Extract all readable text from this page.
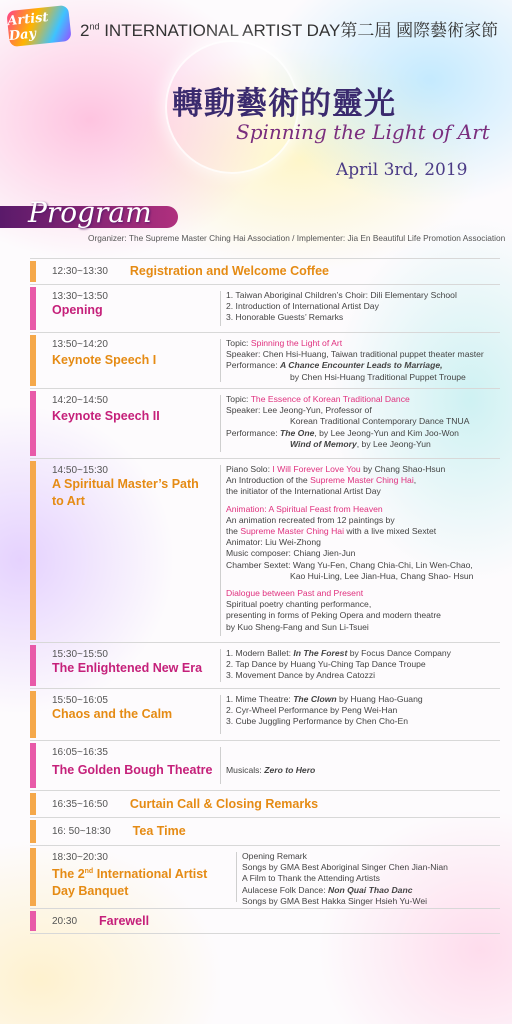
Artist Day	2nd INTERNATIONAL ARTIST DAY第二屆 國際藝術家節
轉動藝術的靈光
Spinning the Light of Art
April 3rd, 2019
Program
Organizer: The Supreme Master Ching Hai Association / Implementer: Jia En Beautiful Life Promotion Association
12:30~13:30 Registration and Welcome Coffee
13:30~13:50
Opening
1. Taiwan Aboriginal Children’s Choir: Dili Elementary School
2. Introduction of International Artist Day
3. Honorable Guests’ Remarks
13:50~14:20
Keynote Speech I
Topic: Spinning the Light of Art
Speaker: Chen Hsi-Huang, Taiwan traditional puppet theater master
Performance: A Chance Encounter Leads to Marriage,
by Chen Hsi-Huang Traditional Puppet Troupe
14:20~14:50
Keynote Speech II
Topic: The Essence of Korean Traditional Dance
Speaker: Lee Jeong-Yun, Professor of
Korean Traditional Contemporary Dance TNUA
Performance: The One, by Lee Jeong-Yun and Kim Joo-Won
Wind of Memory, by Lee Jeong-Yun
14:50~15:30
A Spiritual Master’s Path
to Art
Piano Solo: I Will Forever Love You by Chang Shao-Hsun
An Introduction of the Supreme Master Ching Hai,
the initiator of the International Artist Day
Animation: A Spiritual Feast from Heaven
An animation recreated from 12 paintings by
the Supreme Master Ching Hai with a live mixed Sextet
Animator: Liu Wei-Zhong
Music composer: Chiang Jien-Jun
Chamber Sextet: Wang Yu-Fen, Chang Chia-Chi, Lin Wen-Chao,
Kao Hui-Ling, Lee Jian-Hua, Chang Shao- Hsun
Dialogue between Past and Present
Spiritual poetry chanting performance,
presenting in forms of Peking Opera and modern theatre
by Kuo Sheng-Fang and Sun Li-Tsuei
15:30~15:50
The Enlightened New Era
1. Modern Ballet: In The Forest by Focus Dance Company
2. Tap Dance by Huang Yu-Ching Tap Dance Troupe
3. Movement Dance by Andrea Catozzi
15:50~16:05
Chaos and the Calm
1. Mime Theatre: The Clown by Huang Hao-Guang
2. Cyr-Wheel Performance by Peng Wei-Han
3. Cube Juggling Performance by Chen Cho-En
16:05~16:35
The Golden Bough Theatre	Musicals: Zero to Hero
16:35~16:50 Curtain Call & Closing Remarks
16: 50~18:30 Tea Time
18:30~20:30
The 2nd International Artist
Day Banquet
Opening Remark
Songs by GMA Best Aboriginal Singer Chen Jian-Nian
A Film to Thank the Attending Artists
Aulacese Folk Dance: Non Quai Thao Danc
Songs by GMA Best Hakka Singer Hsieh Yu-Wei
20:30 Farewell
